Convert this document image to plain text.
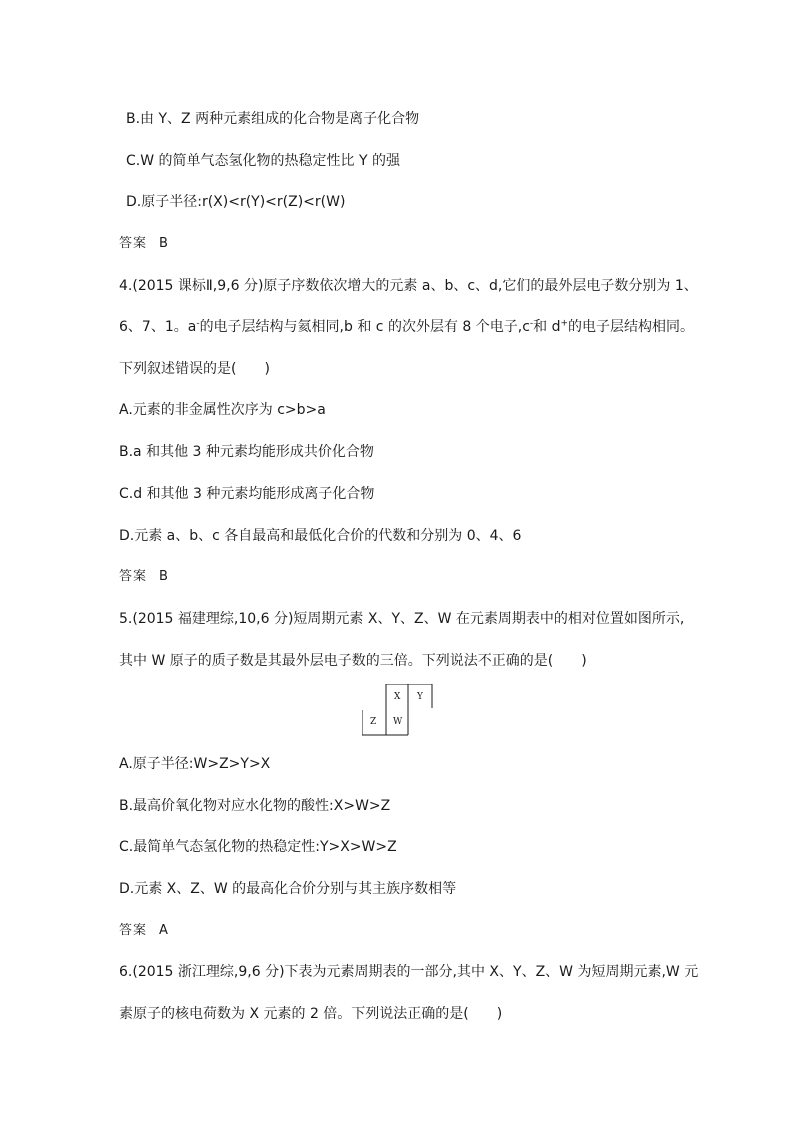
B.由 Y、Z 两种元素组成的化合物是离子化合物
C.W 的简单气态氢化物的热稳定性比 Y 的强
D.原子半径:r(X)<r(Y)<r(Z)<r(W)
答案 B
4.(2015 课标Ⅱ,9,6 分)原子序数依次增大的元素 a、b、c、d,它们的最外层电子数分别为 1、
6、7、1。a-的电子层结构与氦相同,b 和 c 的次外层有 8 个电子,c-和 d+的电子层结构相同。
下列叙述错误的是(　　)
A.元素的非金属性次序为 c>b>a
B.a 和其他 3 种元素均能形成共价化合物
C.d 和其他 3 种元素均能形成离子化合物
D.元素 a、b、c 各自最高和最低化合价的代数和分别为 0、4、6
答案 B
5.(2015 福建理综,10,6 分)短周期元素 X、Y、Z、W 在元素周期表中的相对位置如图所示,
其中 W 原子的质子数是其最外层电子数的三倍。下列说法不正确的是(　　)
X Y
Z W
A.原子半径:W>Z>Y>X
B.最高价氧化物对应水化物的酸性:X>W>Z
C.最简单气态氢化物的热稳定性:Y>X>W>Z
D.元素 X、Z、W 的最高化合价分别与其主族序数相等
答案 A
6.(2015 浙江理综,9,6 分)下表为元素周期表的一部分,其中 X、Y、Z、W 为短周期元素,W 元
素原子的核电荷数为 X 元素的 2 倍。下列说法正确的是(　　)
